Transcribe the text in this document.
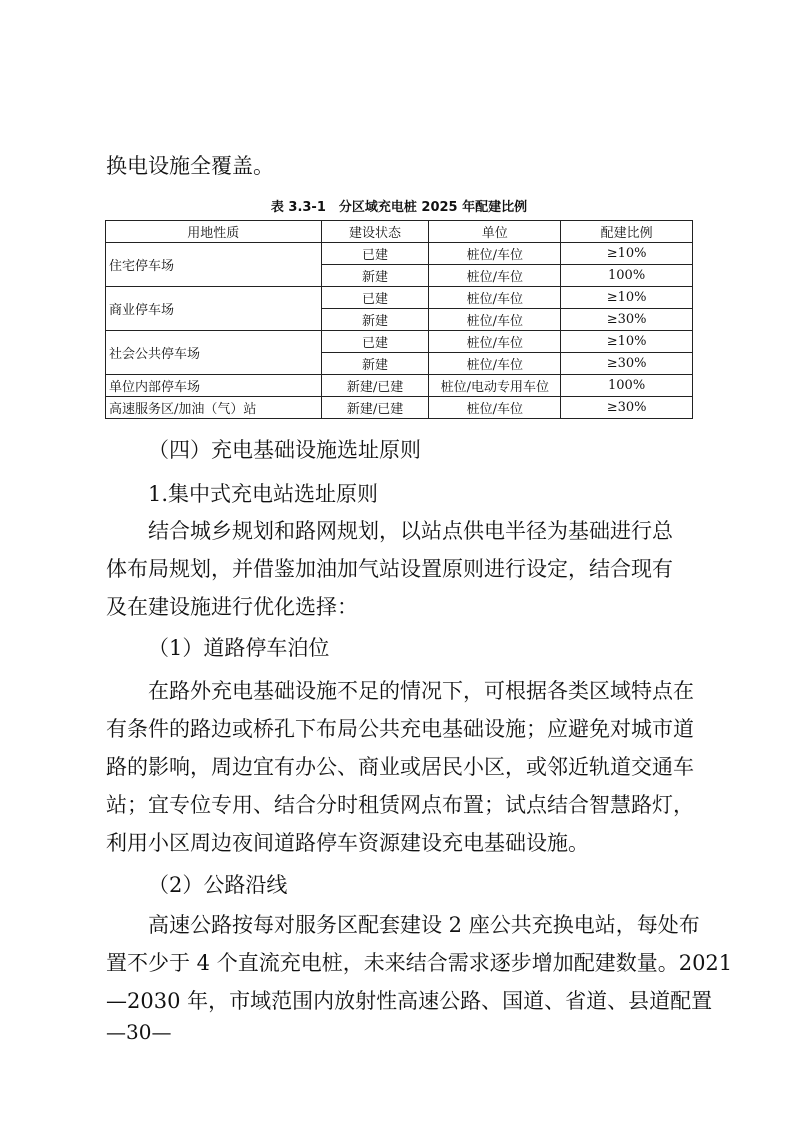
换电设施全覆盖。

表 3.3-1　分区域充电桩 2025 年配建比例

用地性质	建设状态	单位	配建比例
住宅停车场	已建	桩位/车位	≥10%
	新建	桩位/车位	100%
商业停车场	已建	桩位/车位	≥10%
	新建	桩位/车位	≥30%
社会公共停车场	已建	桩位/车位	≥10%
	新建	桩位/车位	≥30%
单位内部停车场	新建/已建	桩位/电动专用车位	100%
高速服务区/加油（气）站	新建/已建	桩位/车位	≥30%

（四）充电基础设施选址原则

1.集中式充电站选址原则

结合城乡规划和路网规划，以站点供电半径为基础进行总

体布局规划，并借鉴加油加气站设置原则进行设定，结合现有

及在建设施进行优化选择：

（1）道路停车泊位

在路外充电基础设施不足的情况下，可根据各类区域特点在

有条件的路边或桥孔下布局公共充电基础设施；应避免对城市道

路的影响，周边宜有办公、商业或居民小区，或邻近轨道交通车

站；宜专位专用、结合分时租赁网点布置；试点结合智慧路灯，

利用小区周边夜间道路停车资源建设充电基础设施。

（2）公路沿线

高速公路按每对服务区配套建设 2 座公共充换电站，每处布

置不少于 4 个直流充电桩，未来结合需求逐步增加配建数量。2021

—2030 年，市域范围内放射性高速公路、国道、省道、县道配置

—30—
